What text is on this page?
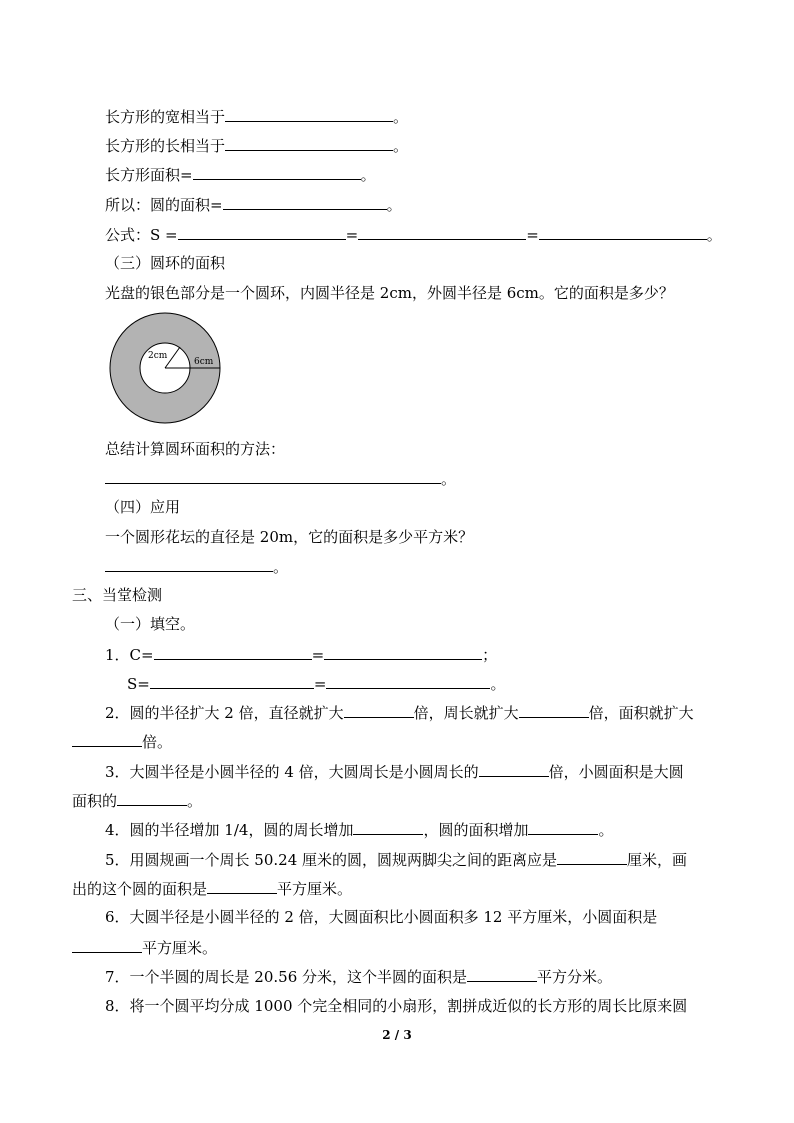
长方形的宽相当于	。
长方形的长相当于	。
长方形面积=	。
所以：圆的面积=	。
公式：S =	=	=	。
（三）圆环的面积
光盘的银色部分是一个圆环，内圆半径是 2cm，外圆半径是 6cm。它的面积是多少？
2cm
6cm
总结计算圆环面积的方法：
。
（四）应用
一个圆形花坛的直径是 20m，它的面积是多少平方米？
。
三、当堂检测
（一）填空。
1．C=	=	；
S=	=	。
2．圆的半径扩大 2 倍，直径就扩大	倍，周长就扩大	倍，面积就扩大
倍。
3．大圆半径是小圆半径的 4 倍，大圆周长是小圆周长的	倍，小圆面积是大圆
面积的	。
4．圆的半径增加 1/4，圆的周长增加	，圆的面积增加	。
5．用圆规画一个周长 50.24 厘米的圆，圆规两脚尖之间的距离应是	厘米，画
出的这个圆的面积是	平方厘米。
6．大圆半径是小圆半径的 2 倍，大圆面积比小圆面积多 12 平方厘米，小圆面积是
平方厘米。
7．一个半圆的周长是 20.56 分米，这个半圆的面积是	平方分米。
8．将一个圆平均分成 1000 个完全相同的小扇形，割拼成近似的长方形的周长比原来圆
2 / 3
